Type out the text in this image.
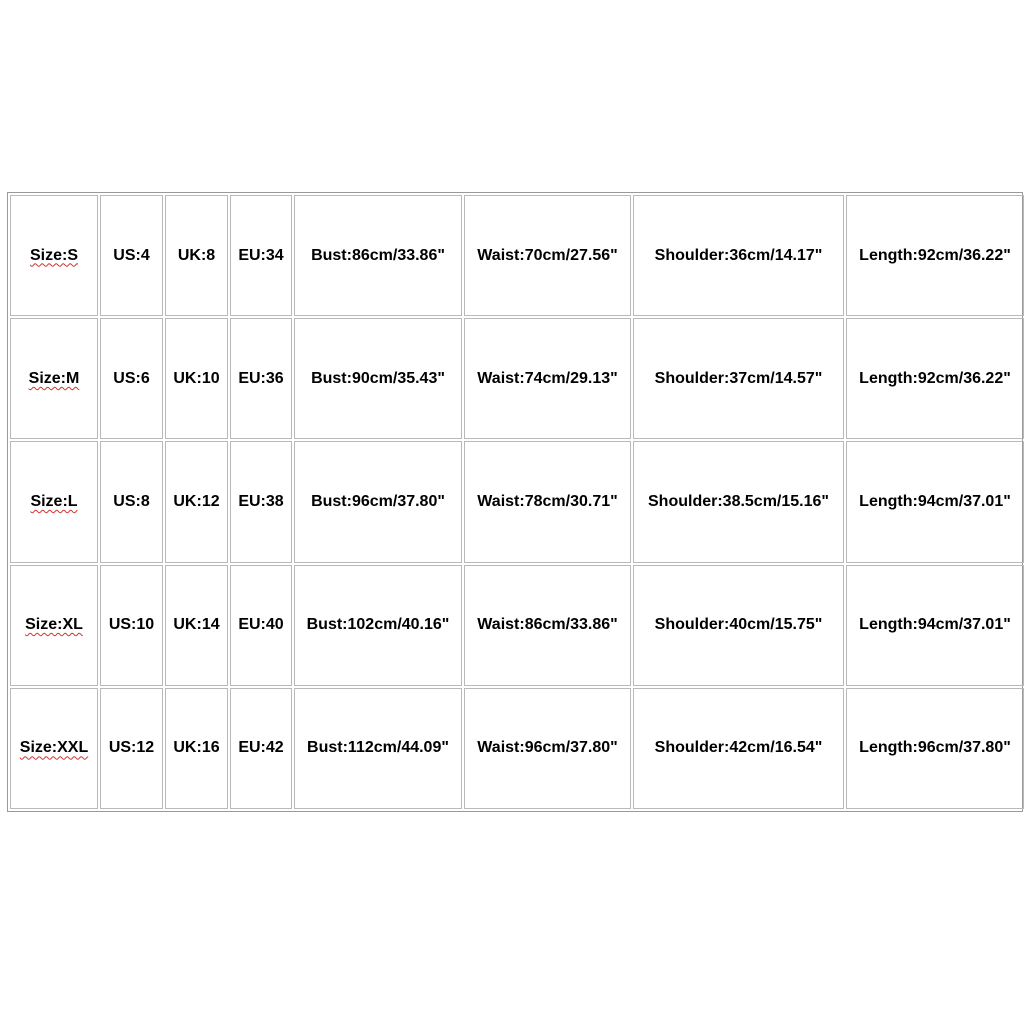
Size:S	US:4	UK:8	EU:34	Bust:86cm/33.86"	Waist:70cm/27.56"	Shoulder:36cm/14.17"	Length:92cm/36.22"
Size:M	US:6	UK:10	EU:36	Bust:90cm/35.43"	Waist:74cm/29.13"	Shoulder:37cm/14.57"	Length:92cm/36.22"
Size:L	US:8	UK:12	EU:38	Bust:96cm/37.80"	Waist:78cm/30.71"	Shoulder:38.5cm/15.16"	Length:94cm/37.01"
Size:XL	US:10	UK:14	EU:40	Bust:102cm/40.16"	Waist:86cm/33.86"	Shoulder:40cm/15.75"	Length:94cm/37.01"
Size:XXL	US:12	UK:16	EU:42	Bust:112cm/44.09"	Waist:96cm/37.80"	Shoulder:42cm/16.54"	Length:96cm/37.80"
